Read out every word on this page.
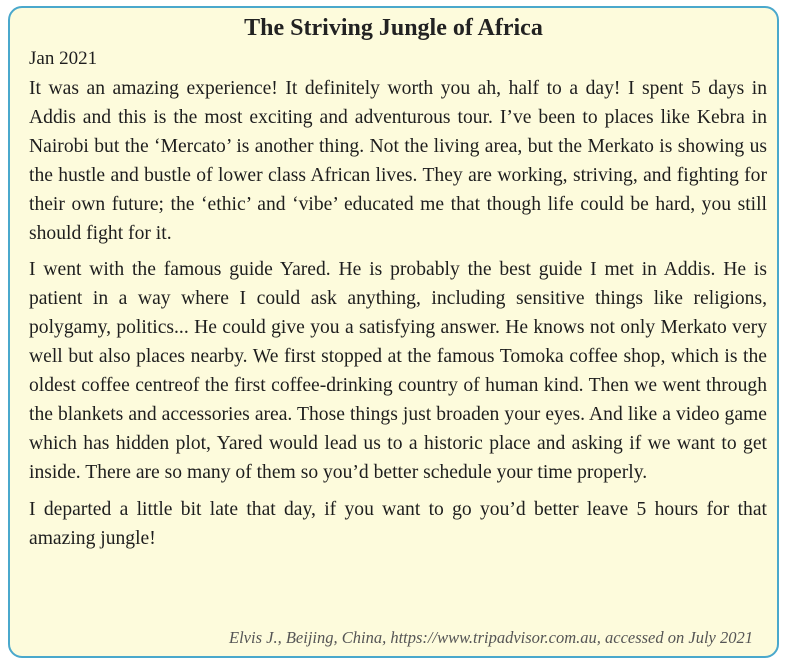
The Striving Jungle of Africa
Jan 2021

It was an amazing experience! It definitely worth you ah, half to a day! I spent 5 days in Addis and this is the most exciting and adventurous tour. I’ve been to places like Kebra in Nairobi but the ‘Mercato’ is another thing. Not the living area, but the Merkato is showing us the hustle and bustle of lower class African lives. They are working, striving, and fighting for their own future; the ‘ethic’ and ‘vibe’ educated me that though life could be hard, you still should fight for it.

I went with the famous guide Yared. He is probably the best guide I met in Addis. He is patient in a way where I could ask anything, including sensitive things like religions, polygamy, politics... He could give you a satisfying answer. He knows not only Merkato very well but also places nearby. We first stopped at the famous Tomoka coffee shop, which is the oldest coffee centreof the first coffee-drinking country of human kind. Then we went through the blankets and accessories area. Those things just broaden your eyes. And like a video game which has hidden plot, Yared would lead us to a historic place and asking if we want to get inside. There are so many of them so you’d better schedule your time properly.

I departed a little bit late that day, if you want to go you’d better leave 5 hours for that amazing jungle!

Elvis J., Beijing, China, https://www.tripadvisor.com.au, accessed on July 2021
